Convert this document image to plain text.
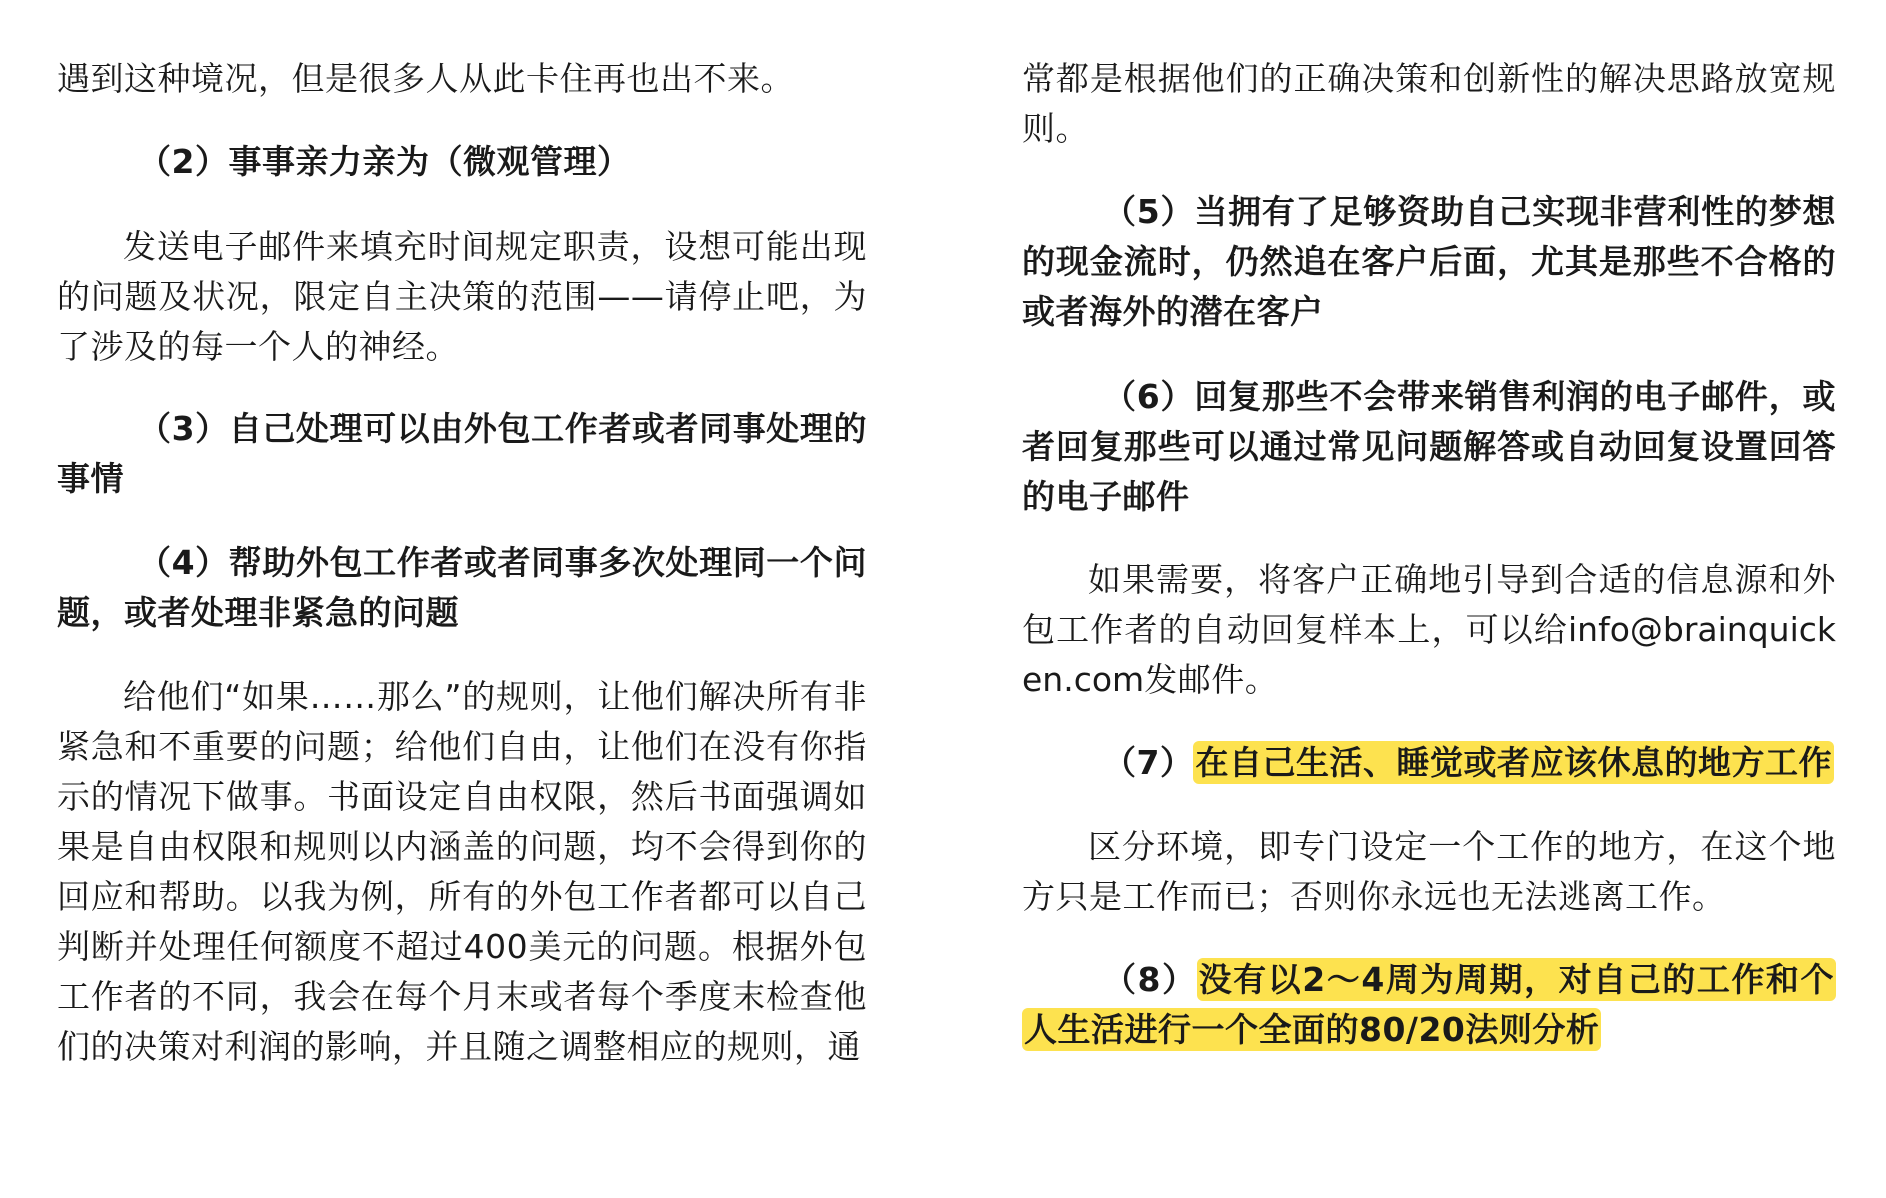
遇到这种境况，但是很多人从此卡住再也出不来。

（2）事事亲力亲为（微观管理）

发送电子邮件来填充时间规定职责，设想可能出现的问题及状况，限定自主决策的范围——请停止吧，为了涉及的每一个人的神经。

（3）自己处理可以由外包工作者或者同事处理的事情

（4）帮助外包工作者或者同事多次处理同一个问题，或者处理非紧急的问题

给他们“如果……那么”的规则，让他们解决所有非紧急和不重要的问题；给他们自由，让他们在没有你指示的情况下做事。书面设定自由权限，然后书面强调如果是自由权限和规则以内涵盖的问题，均不会得到你的回应和帮助。以我为例，所有的外包工作者都可以自己判断并处理任何额度不超过400美元的问题。根据外包工作者的不同，我会在每个月末或者每个季度末检查他们的决策对利润的影响，并且随之调整相应的规则，通

常都是根据他们的正确决策和创新性的解决思路放宽规则。

（5）当拥有了足够资助自己实现非营利性的梦想的现金流时，仍然追在客户后面，尤其是那些不合格的或者海外的潜在客户

（6）回复那些不会带来销售利润的电子邮件，或者回复那些可以通过常见问题解答或自动回复设置回答的电子邮件

如果需要，将客户正确地引导到合适的信息源和外包工作者的自动回复样本上，可以给info@brainquicken.com发邮件。

（7）在自己生活、睡觉或者应该休息的地方工作

区分环境，即专门设定一个工作的地方，在这个地方只是工作而已；否则你永远也无法逃离工作。

（8）没有以2～4周为周期，对自己的工作和个人生活进行一个全面的80/20法则分析
